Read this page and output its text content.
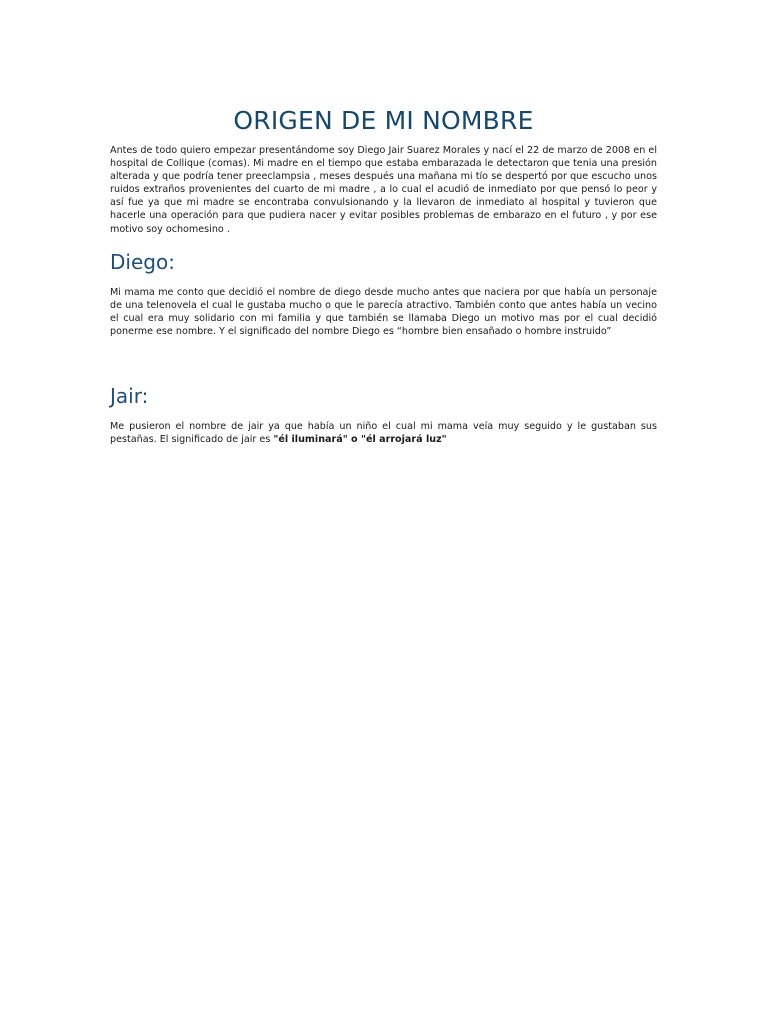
ORIGEN DE MI NOMBRE

Antes de todo quiero empezar presentándome soy Diego Jair Suarez Morales y nací el 22 de marzo de 2008 en el hospital de Collique (comas). Mi madre en el tiempo que estaba embarazada le detectaron que tenia una presión alterada y que podría tener preeclampsia , meses después una mañana mi tío se despertó por que escucho unos ruidos extraños provenientes del cuarto de mi madre , a lo cual el acudió de inmediato por que pensó lo peor y así fue ya que mi madre se encontraba convulsionando y la llevaron de inmediato al hospital y tuvieron que hacerle una operación para que pudiera nacer y evitar posibles problemas de embarazo en el futuro , y por ese motivo soy ochomesino .

Diego:

Mi mama me conto que decidió el nombre de diego desde mucho antes que naciera por que había un personaje de una telenovela el cual le gustaba mucho o que le parecía atractivo. También conto que antes había un vecino el cual era muy solidario con mi familia y que también se llamaba Diego un motivo mas por el cual decidió ponerme ese nombre. Y el significado del nombre Diego es “hombre bien ensañado o hombre instruido”

Jair:

Me pusieron el nombre de jair ya que había un niño el cual mi mama veía muy seguido y le gustaban sus pestañas. El significado de jair es "él iluminará" o "él arrojará luz"
